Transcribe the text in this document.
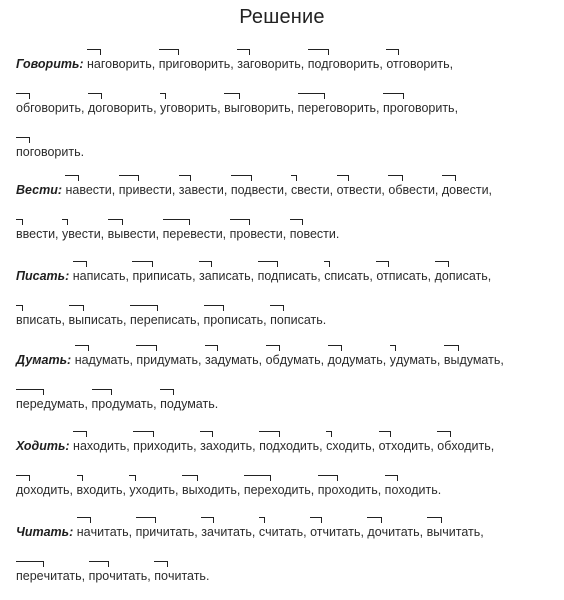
Решение
Говорить: наговорить, приговорить, заговорить, подговорить, отговорить,
обговорить, договорить, уговорить, выговорить, переговорить, проговорить,
поговорить.
Вести: навести, привести, завести, подвести, свести, отвести, обвести, довести,
ввести, увести, вывести, перевести, провести, повести.
Писать: написать, приписать, записать, подписать, списать, отписать, дописать,
вписать, выписать, переписать, прописать, пописать.
Думать: надумать, придумать, задумать, обдумать, додумать, удумать, выдумать,
передумать, продумать, подумать.
Ходить: находить, приходить, заходить, подходить, сходить, отходить, обходить,
доходить, входить, уходить, выходить, переходить, проходить, походить.
Читать: начитать, причитать, зачитать, считать, отчитать, дочитать, вычитать,
перечитать, прочитать, почитать.
